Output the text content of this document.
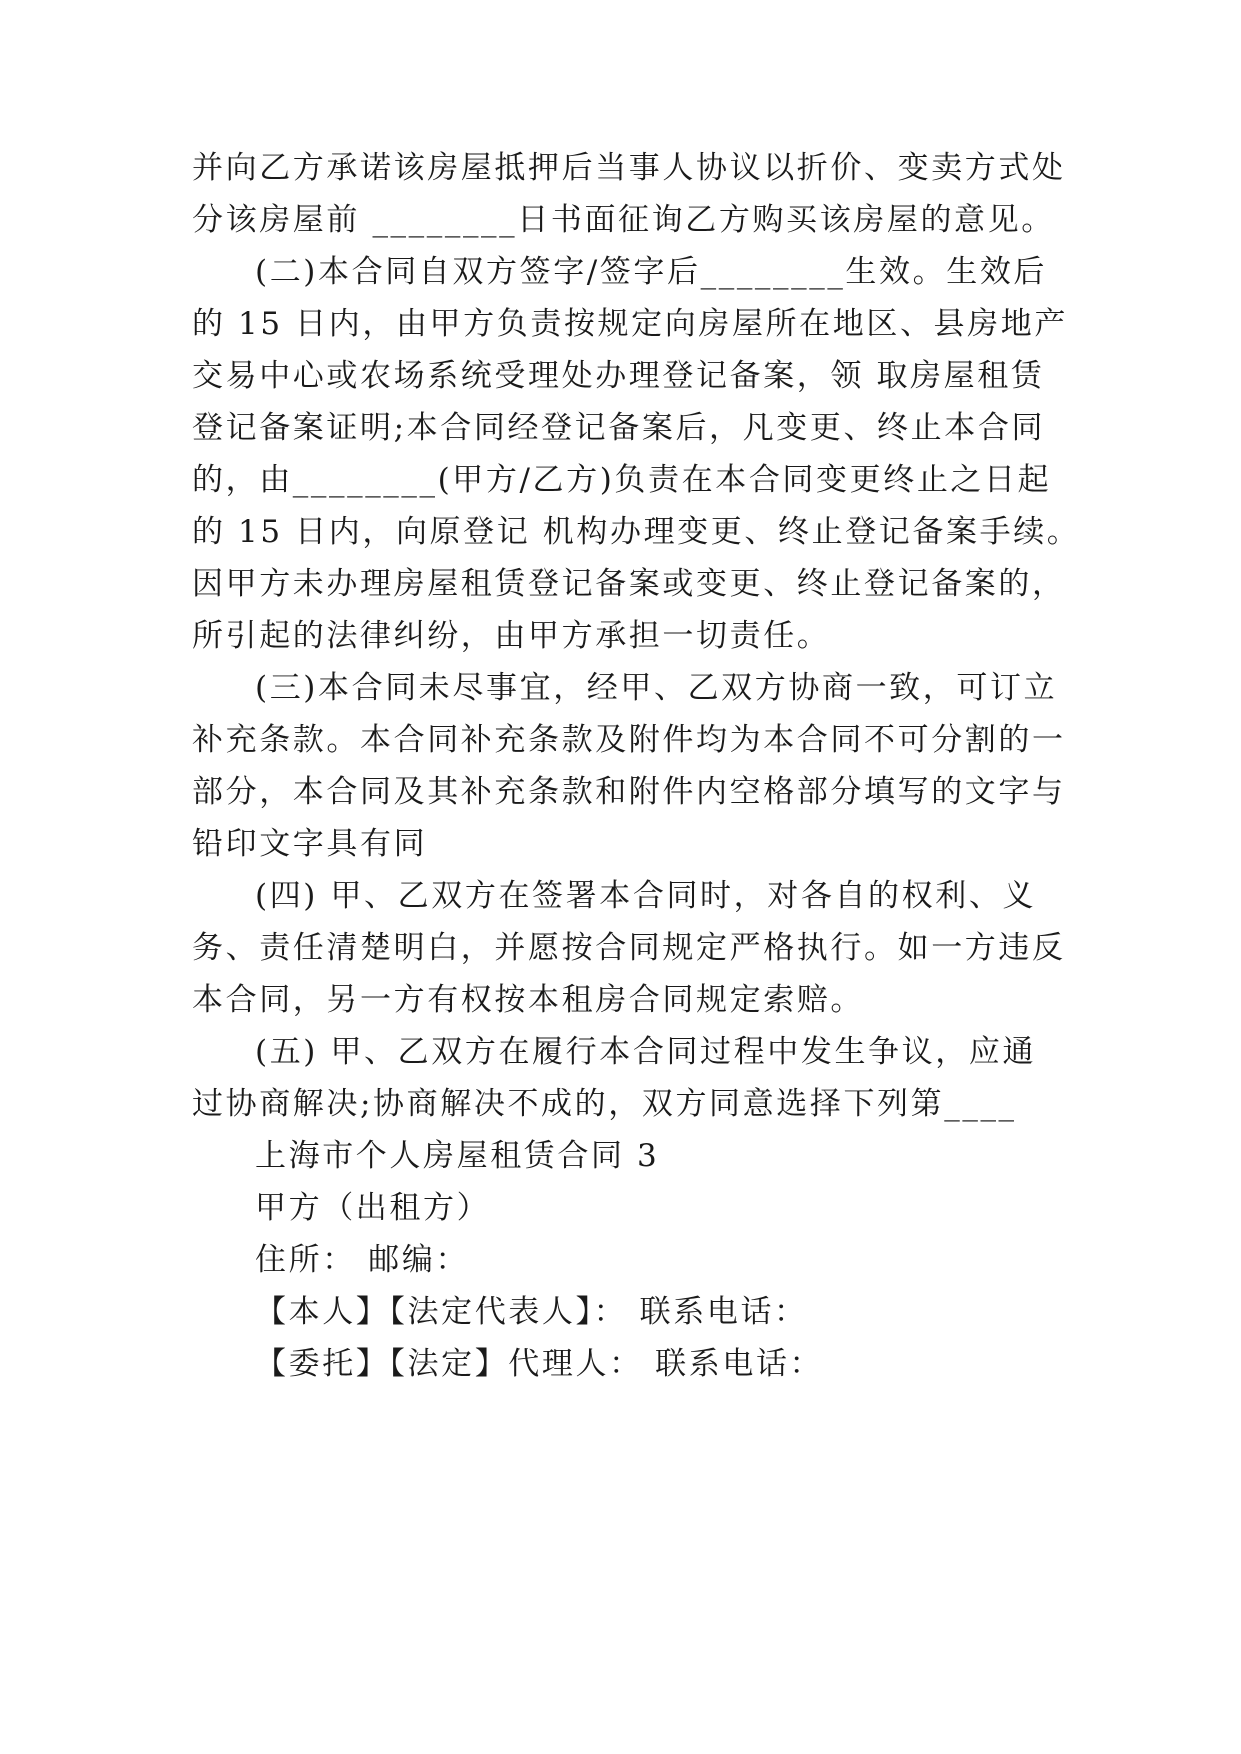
并向乙方承诺该房屋抵押后当事人协议以折价、变卖方式处
分该房屋前 ________日书面征询乙方购买该房屋的意见。
(二)本合同自双方签字/签字后________生效。生效后
的 15 日内，由甲方负责按规定向房屋所在地区、县房地产
交易中心或农场系统受理处办理登记备案，领 取房屋租赁
登记备案证明;本合同经登记备案后，凡变更、终止本合同
的，由________(甲方/乙方)负责在本合同变更终止之日起
的 15 日内，向原登记 机构办理变更、终止登记备案手续。
因甲方未办理房屋租赁登记备案或变更、终止登记备案的，
所引起的法律纠纷，由甲方承担一切责任。
(三)本合同未尽事宜，经甲、乙双方协商一致，可订立
补充条款。本合同补充条款及附件均为本合同不可分割的一
部分，本合同及其补充条款和附件内空格部分填写的文字与
铅印文字具有同
(四) 甲、乙双方在签署本合同时，对各自的权利、义
务、责任清楚明白，并愿按合同规定严格执行。如一方违反
本合同，另一方有权按本租房合同规定索赔。
(五) 甲、乙双方在履行本合同过程中发生争议，应通
过协商解决;协商解决不成的，双方同意选择下列第____
上海市个人房屋租赁合同 3
甲方（出租方）
住所： 邮编：
【本人】【法定代表人】： 联系电话：
【委托】【法定】代理人： 联系电话：
